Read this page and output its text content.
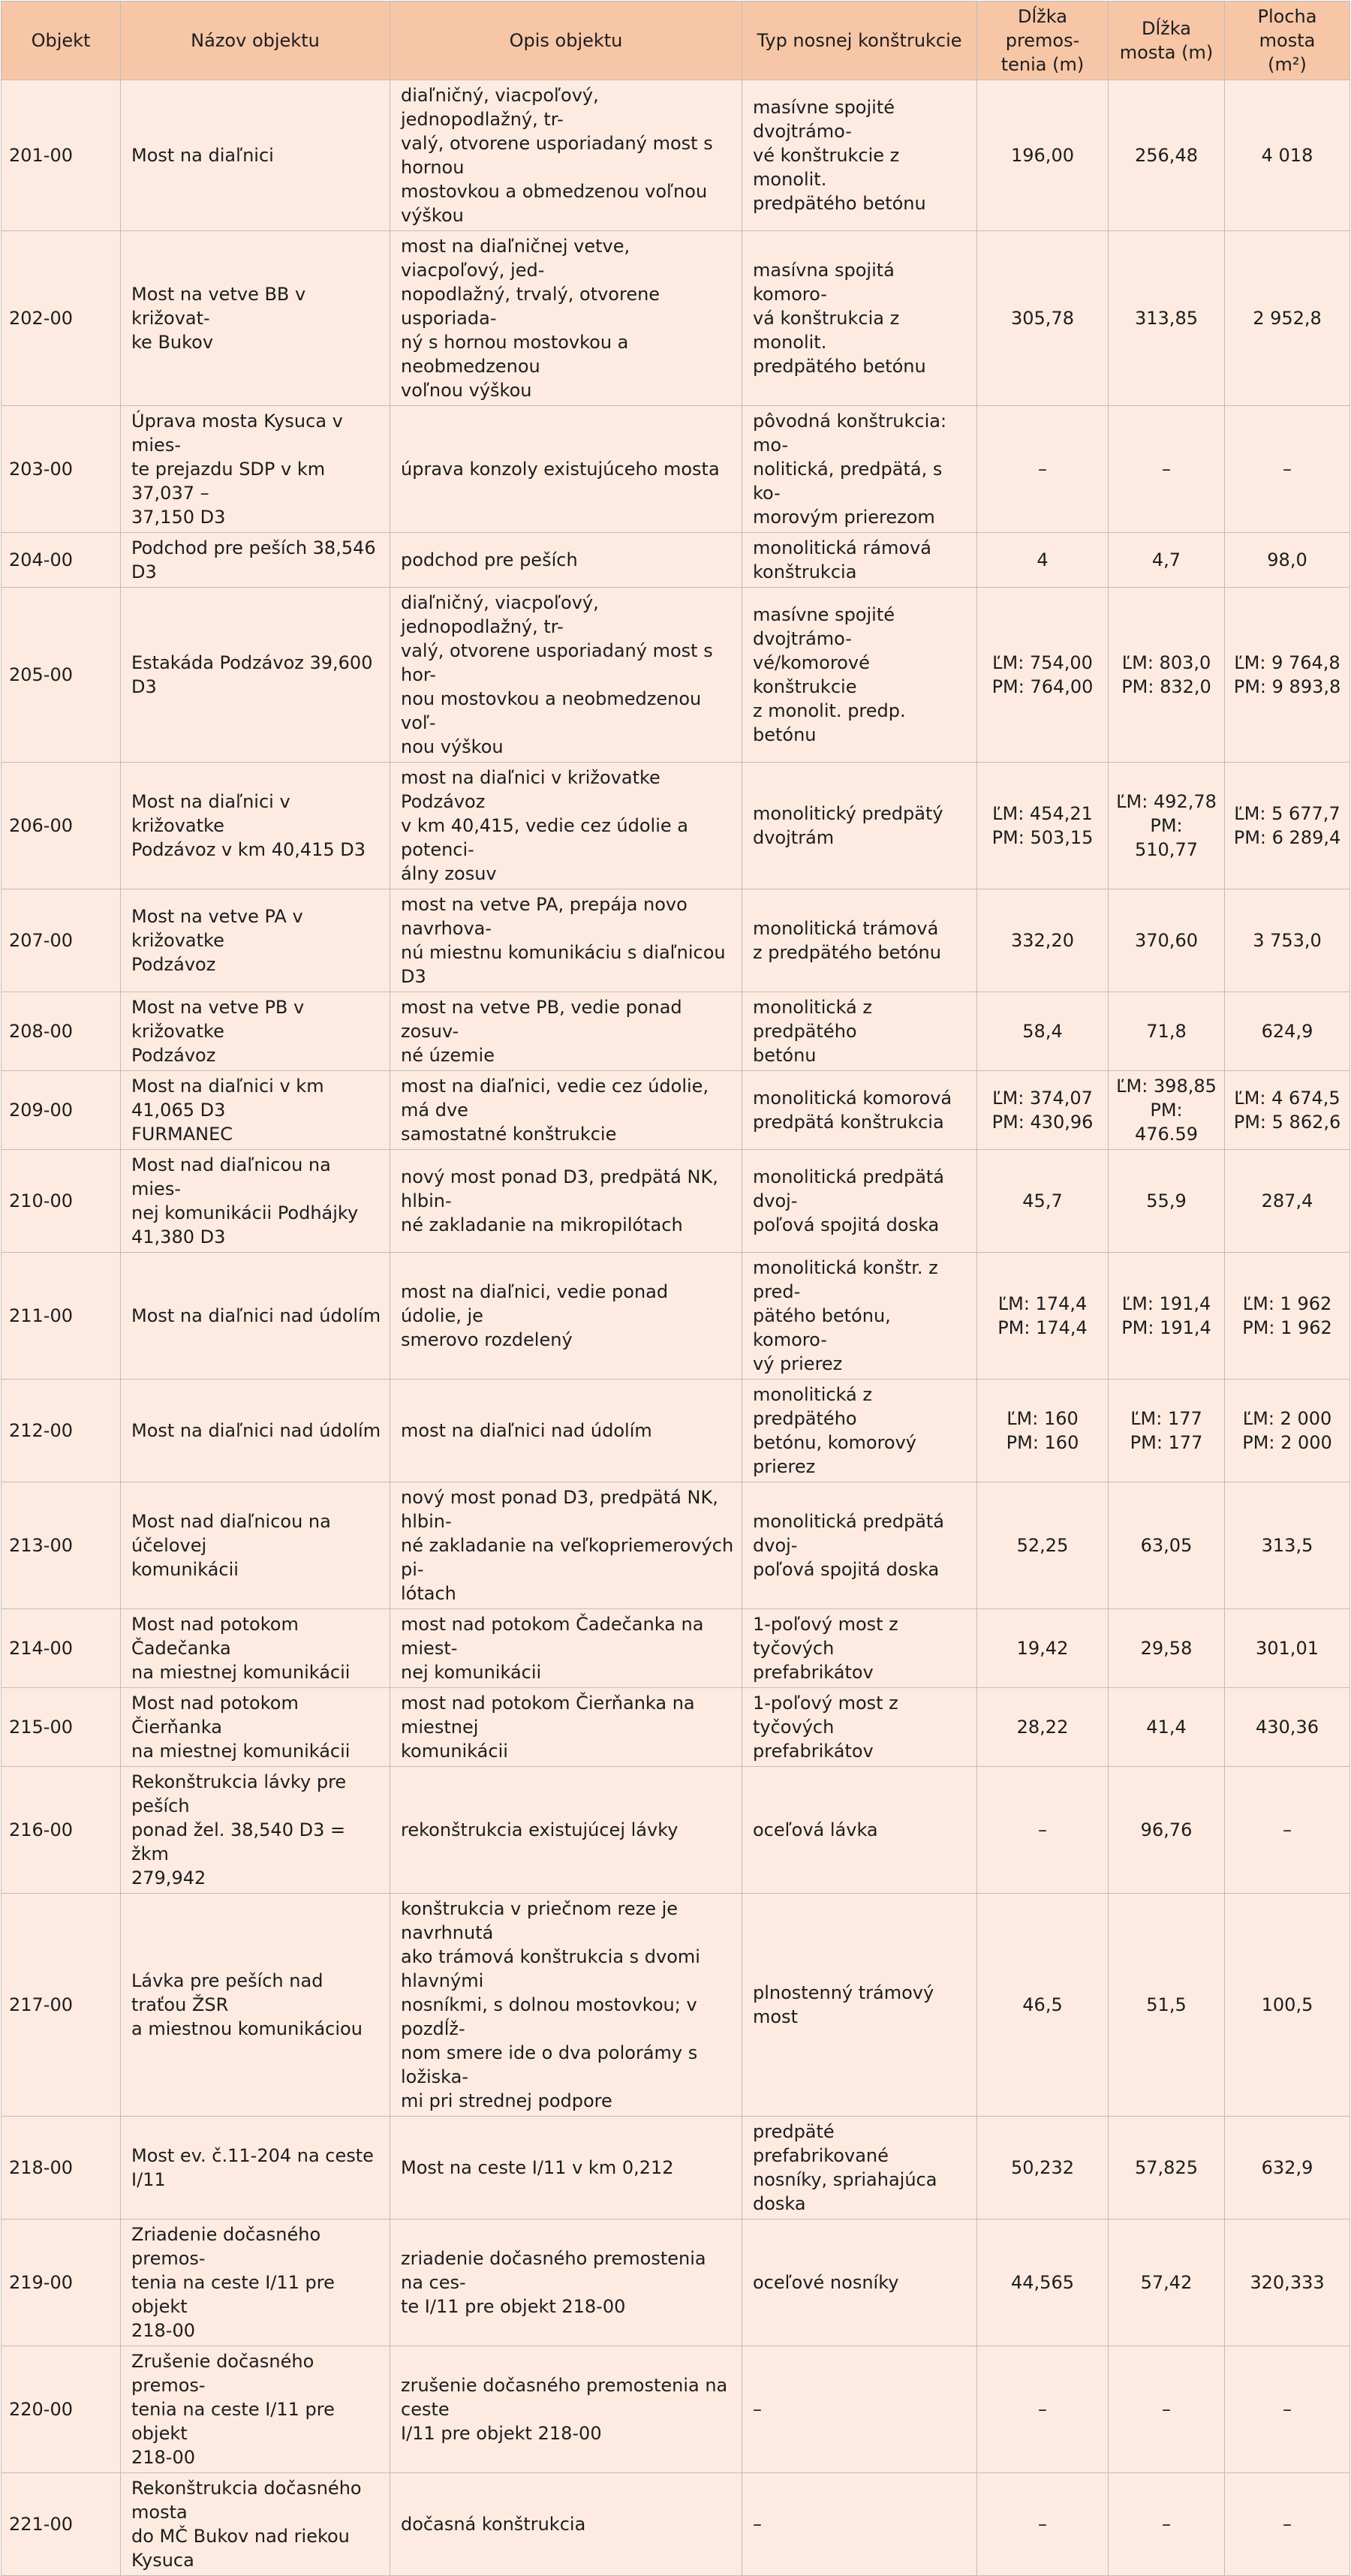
Objekt	Názov objektu	Opis objektu	Typ nosnej konštrukcie	Dĺžka premos-
tenia (m)	Dĺžka
mosta (m)	Plocha mosta
(m²)
201-00	Most na diaľnici	diaľničný, viacpoľový, jednopodlažný, tr-
valý, otvorene usporiadaný most s hornou
mostovkou a obmedzenou voľnou výškou	masívne spojité dvojtrámo-
vé konštrukcie z monolit.
predpätého betónu	196,00	256,48	4 018
202-00	Most na vetve BB v križovat-
ke Bukov	most na diaľničnej vetve, viacpoľový, jed-
nopodlažný, trvalý, otvorene usporiada-
ný s hornou mostovkou a neobmedzenou
voľnou výškou	masívna spojitá komoro-
vá konštrukcia z monolit.
predpätého betónu	305,78	313,85	2 952,8
203-00	Úprava mosta Kysuca v mies-
te prejazdu SDP v km 37,037 –
37,150 D3	úprava konzoly existujúceho mosta	pôvodná konštrukcia: mo-
nolitická, predpätá, s ko-
morovým prierezom	–	–	–
204-00	Podchod pre peších 38,546 D3	podchod pre peších	monolitická rámová
konštrukcia	4	4,7	98,0
205-00	Estakáda Podzávoz 39,600 D3	diaľničný, viacpoľový, jednopodlažný, tr-
valý, otvorene usporiadaný most s hor-
nou mostovkou a neobmedzenou voľ-
nou výškou	masívne spojité dvojtrámo-
vé/komorové konštrukcie
z monolit. predp. betónu	ĽM: 754,00
PM: 764,00	ĽM: 803,0
PM: 832,0	ĽM: 9 764,8
PM: 9 893,8
206-00	Most na diaľnici v križovatke
Podzávoz v km 40,415 D3	most na diaľnici v križovatke Podzávoz
v km 40,415, vedie cez údolie a potenci-
álny zosuv	monolitický predpätý
dvojtrám	ĽM: 454,21
PM: 503,15	ĽM: 492,78
PM: 510,77	ĽM: 5 677,7
PM: 6 289,4
207-00	Most na vetve PA v križovatke
Podzávoz	most na vetve PA, prepája novo navrhova-
nú miestnu komunikáciu s diaľnicou D3	monolitická trámová
z predpätého betónu	332,20	370,60	3 753,0
208-00	Most na vetve PB v križovatke
Podzávoz	most na vetve PB, vedie ponad zosuv-
né územie	monolitická z predpätého
betónu	58,4	71,8	624,9
209-00	Most na diaľnici v km 41,065 D3
FURMANEC	most na diaľnici, vedie cez údolie, má dve
samostatné konštrukcie	monolitická komorová
predpätá konštrukcia	ĽM: 374,07
PM: 430,96	ĽM: 398,85
PM: 476.59	ĽM: 4 674,5
PM: 5 862,6
210-00	Most nad diaľnicou na mies-
nej komunikácii Podhájky
41,380 D3	nový most ponad D3, predpätá NK, hlbin-
né zakladanie na mikropilótach	monolitická predpätá dvoj-
poľová spojitá doska	45,7	55,9	287,4
211-00	Most na diaľnici nad údolím	most na diaľnici, vedie ponad údolie, je
smerovo rozdelený	monolitická konštr. z pred-
pätého betónu, komoro-
vý prierez	ĽM: 174,4
PM: 174,4	ĽM: 191,4
PM: 191,4	ĽM: 1 962
PM: 1 962
212-00	Most na diaľnici nad údolím	most na diaľnici nad údolím	monolitická z predpätého
betónu, komorový prierez	ĽM: 160
PM: 160	ĽM: 177
PM: 177	ĽM: 2 000
PM: 2 000
213-00	Most nad diaľnicou na účelovej
komunikácii	nový most ponad D3, predpätá NK, hlbin-
né zakladanie na veľkopriemerových pi-
lótach	monolitická predpätá dvoj-
poľová spojitá doska	52,25	63,05	313,5
214-00	Most nad potokom Čadečanka
na miestnej komunikácii	most nad potokom Čadečanka na miest-
nej komunikácii	1-poľový most z tyčových
prefabrikátov	19,42	29,58	301,01
215-00	Most nad potokom Čierňanka
na miestnej komunikácii	most nad potokom Čierňanka na miestnej
komunikácii	1-poľový most z tyčových
prefabrikátov	28,22	41,4	430,36
216-00	Rekonštrukcia lávky pre peších
ponad žel. 38,540 D3 = žkm
279,942	rekonštrukcia existujúcej lávky	oceľová lávka	–	96,76	–
217-00	Lávka pre peších nad traťou ŽSR
a miestnou komunikáciou	konštrukcia v priečnom reze je navrhnutá
ako trámová konštrukcia s dvomi hlavnými
nosníkmi, s dolnou mostovkou; v pozdĺž-
nom smere ide o dva polorámy s ložiska-
mi pri strednej podpore	plnostenný trámový most	46,5	51,5	100,5
218-00	Most ev. č.11-204 na ceste I/11	Most na ceste I/11 v km 0,212	predpäté prefabrikované
nosníky, spriahajúca doska	50,232	57,825	632,9
219-00	Zriadenie dočasného premos-
tenia na ceste I/11 pre objekt
218-00	zriadenie dočasného premostenia na ces-
te I/11 pre objekt 218-00	oceľové nosníky	44,565	57,42	320,333
220-00	Zrušenie dočasného premos-
tenia na ceste I/11 pre objekt
218-00	zrušenie dočasného premostenia na ceste
I/11 pre objekt 218-00	–	–	–	–
221-00	Rekonštrukcia dočasného mosta
do MČ Bukov nad riekou Kysuca	dočasná konštrukcia	–	–	–	–
